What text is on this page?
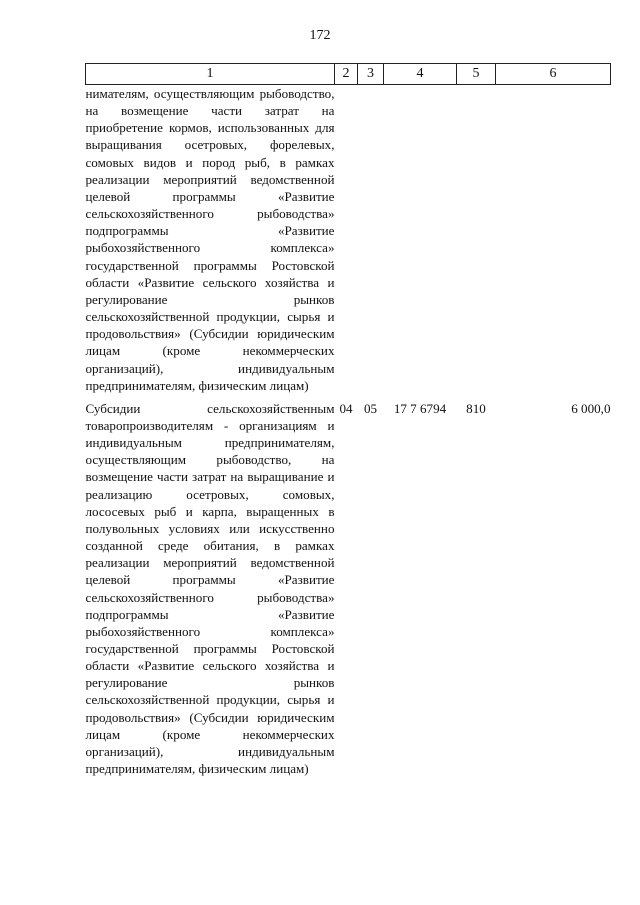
172
1	2	3	4	5	6
нимателям, осуществляющим рыбоводство, на возмещение части затрат на приобретение кормов, использованных для выращивания осетровых, форелевых, сомовых видов и пород рыб, в рамках реализации мероприятий ведомственной целевой программы «Развитие сельскохозяйственного рыбоводства» подпрограммы «Развитие рыбохозяйственного комплекса» государственной программы Ростовской области «Развитие сельского хозяйства и регулирование рынков сельскохозяйственной продукции, сырья и продовольствия» (Субсидии юридическим лицам (кроме некоммерческих организаций), индивидуальным предпринимателям, физическим лицам)					
Субсидии сельскохозяйственным товаропроизводителям - организациям и индивидуальным предпринимателям, осуществляющим рыбоводство, на возмещение части затрат на выращивание и реализацию осетровых, сомовых, лососевых рыб и карпа, выращенных в полувольных условиях или искусственно созданной среде обитания, в рамках реализации мероприятий ведомственной целевой программы «Развитие сельскохозяйственного рыбоводства» подпрограммы «Развитие рыбохозяйственного комплекса» государственной программы Ростовской области «Развитие сельского хозяйства и регулирование рынков сельскохозяйственной продукции, сырья и продовольствия» (Субсидии юридическим лицам (кроме некоммерческих организаций), индивидуальным предпринимателям, физическим лицам)	04	05	17 7 6794	810	6 000,0
